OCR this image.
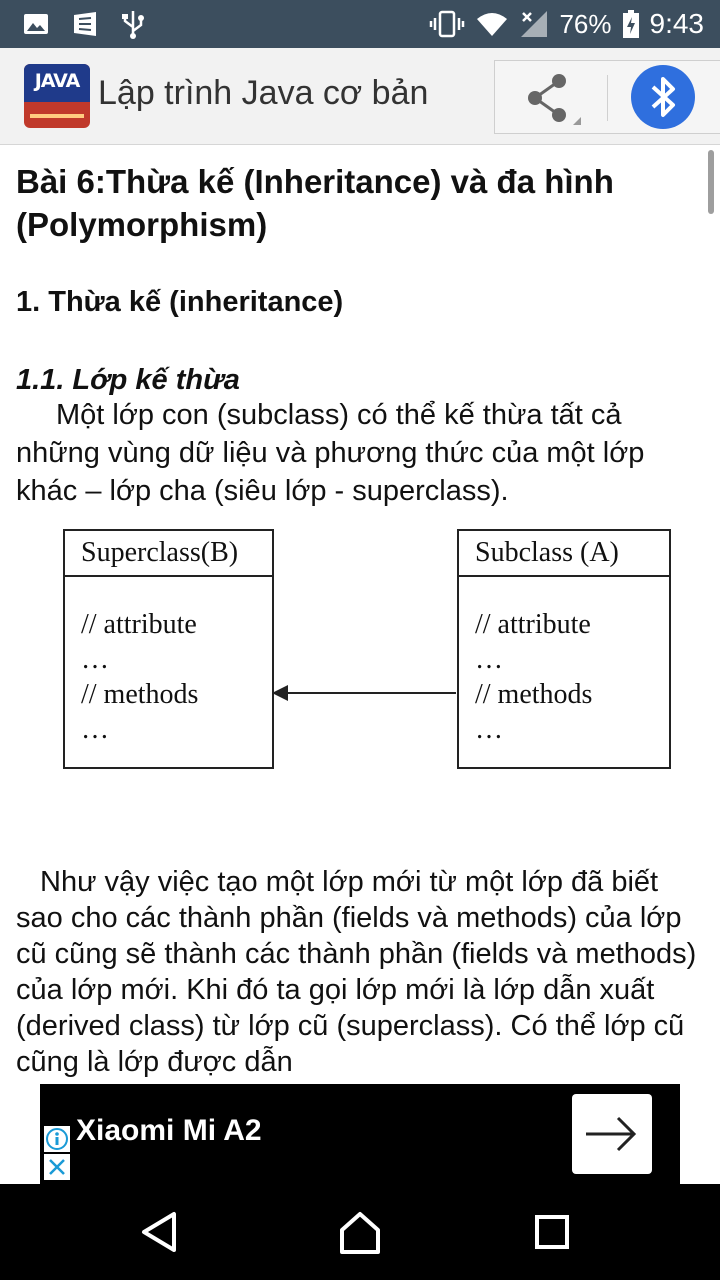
76% 9:43
JAVA Lập trình Java cơ bản
Bài 6:Thừa kế (Inheritance) và đa hình (Polymorphism)
1. Thừa kế (inheritance)
1.1. Lớp kế thừa

Một lớp con (subclass) có thể kế thừa tất cả những vùng dữ liệu và phương thức của một lớp khác – lớp cha (siêu lớp - superclass).

Như vậy việc tạo một lớp mới từ một lớp đã biết sao cho các thành phần (fields và methods) của lớp cũ cũng sẽ thành các thành phần (fields và methods) của lớp mới. Khi đó ta gọi lớp mới là lớp dẫn xuất (derived class) từ lớp cũ (superclass). Có thể lớp cũ cũng là lớp được dẫn

Superclass(B)
// attribute
…
// methods
…
Subclass (A)
// attribute
…
// methods
…
Xiaomi Mi A2
